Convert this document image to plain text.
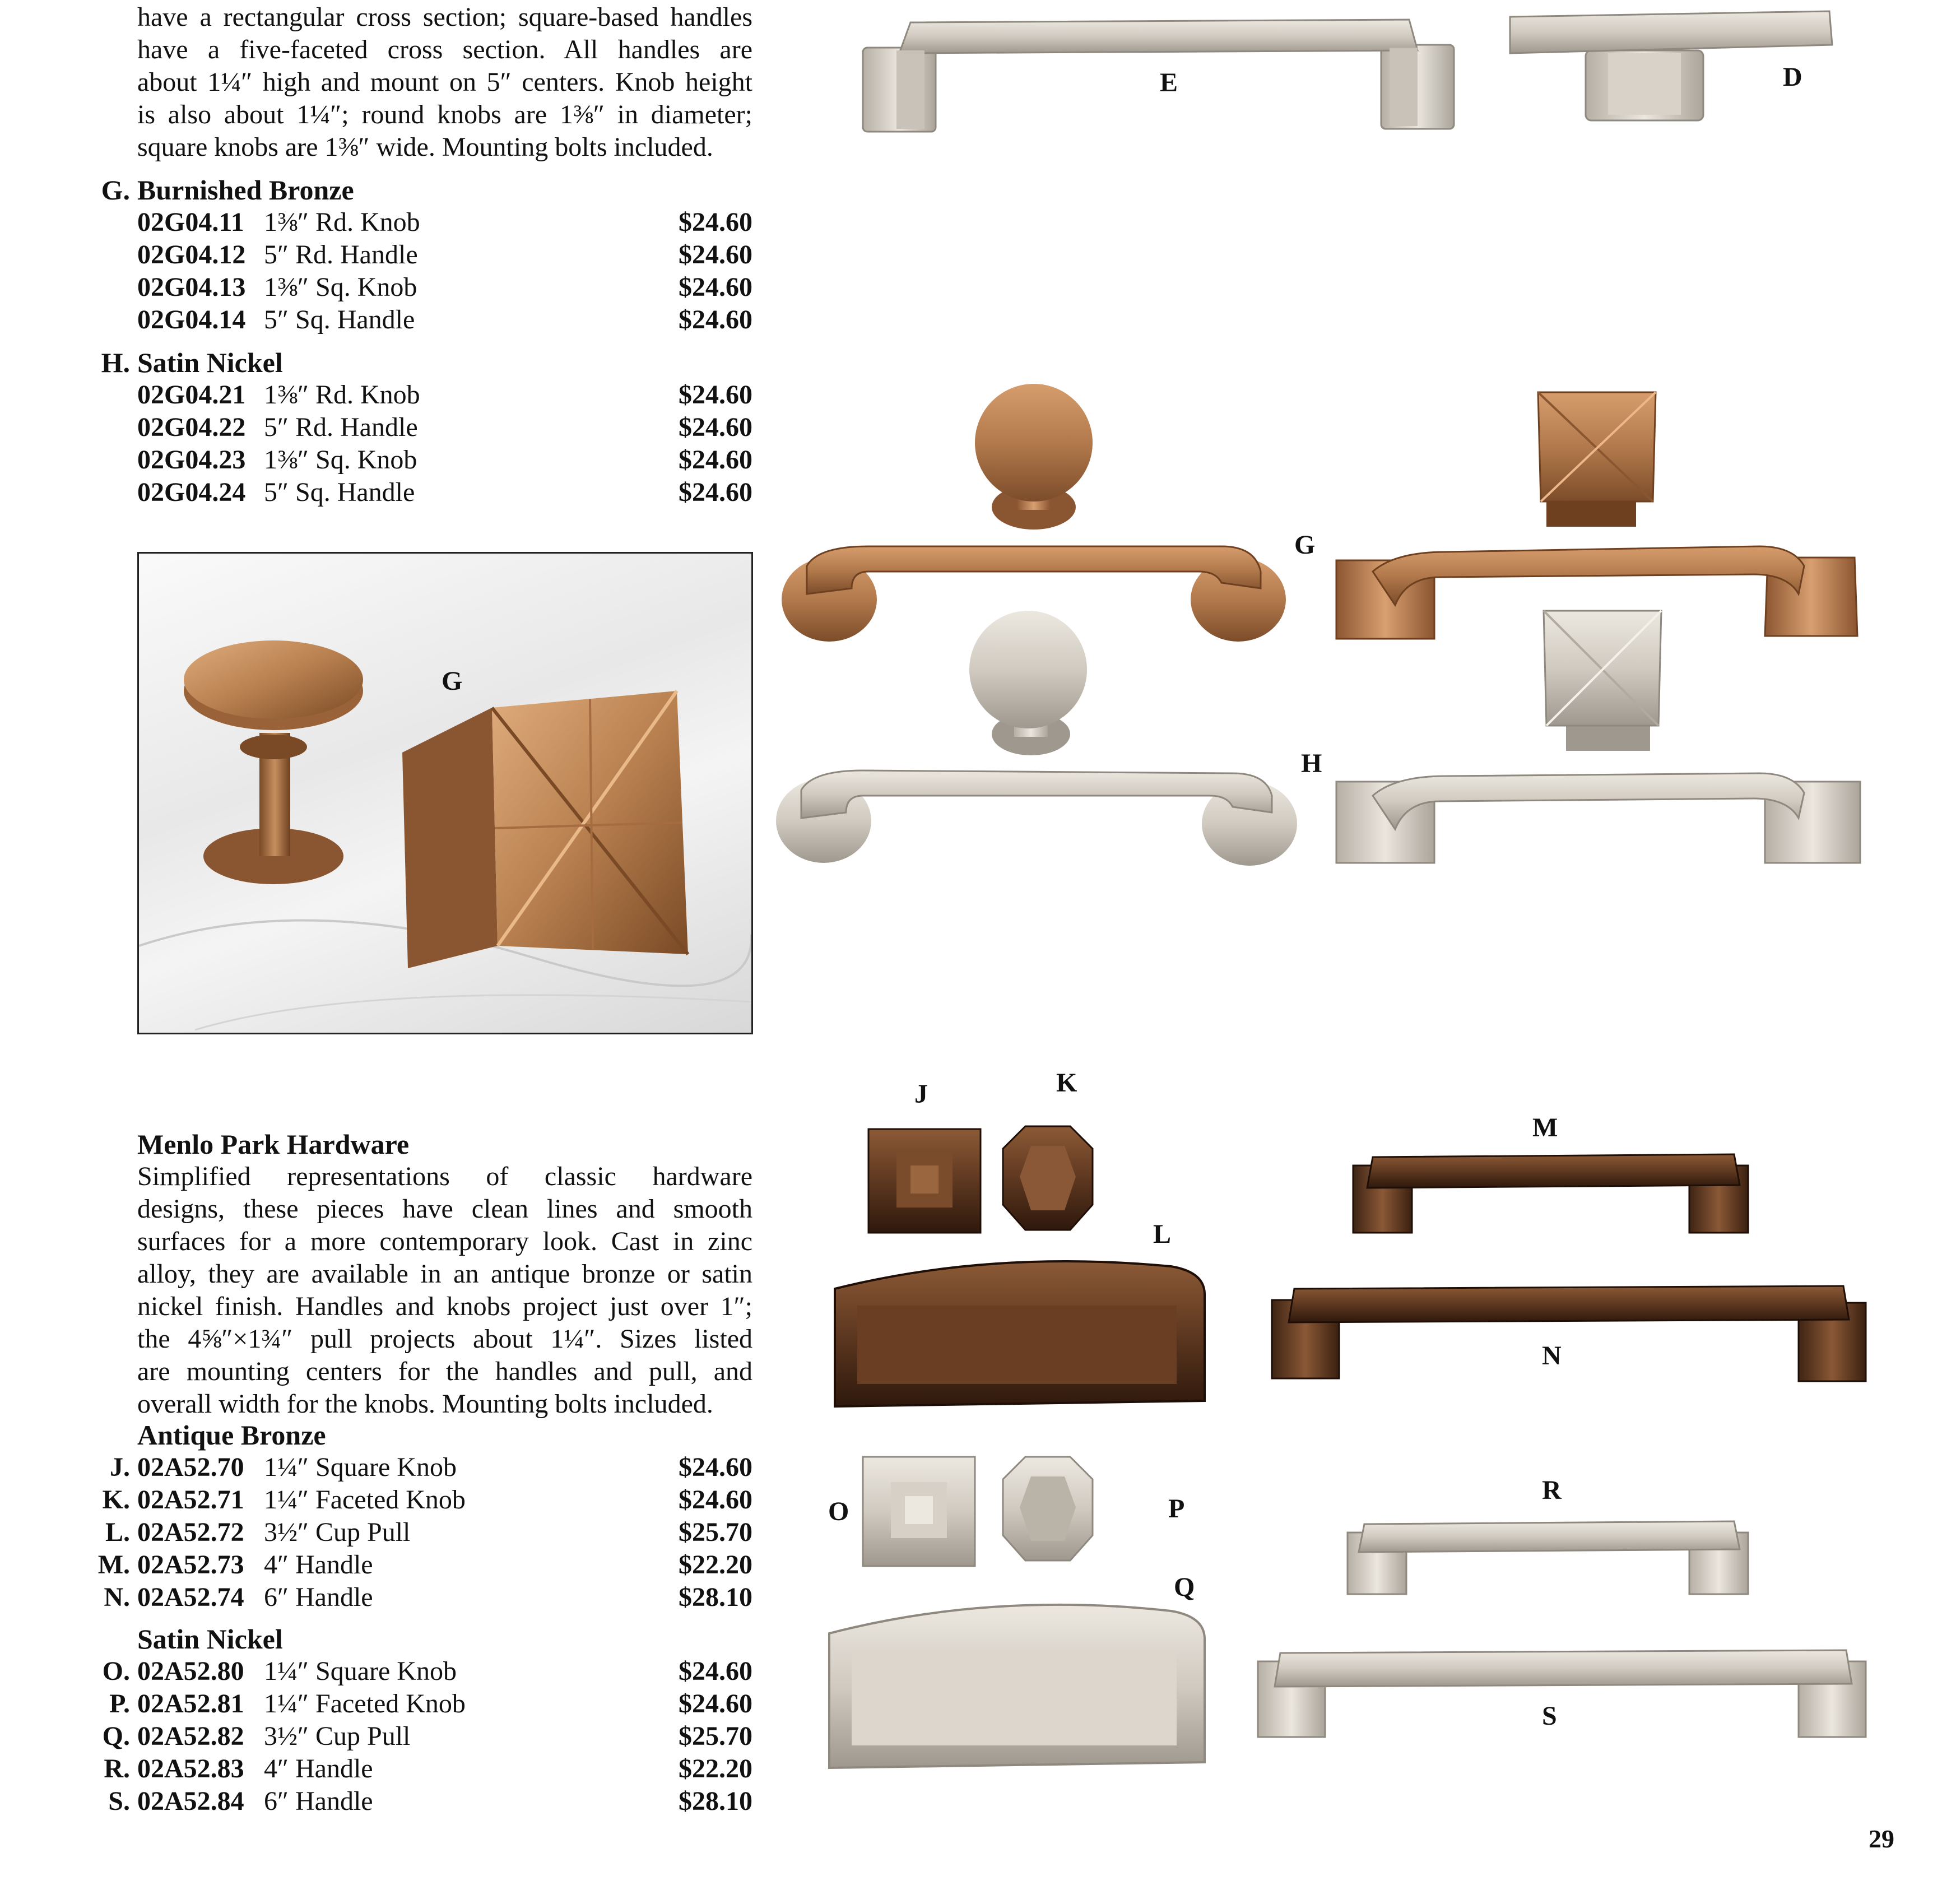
have a rectangular cross section; square-based handles
have a five-faceted cross section. All handles are
about 1¼″ high and mount on 5″ centers. Knob height
is also about 1¼″; round knobs are 1⅜″ in diameter;
square knobs are 1⅜″ wide. Mounting bolts included.
G. Burnished Bronze
02G04.11 1⅜″ Rd. Knob	$24.60
02G04.12 5″ Rd. Handle	$24.60
02G04.13 1⅜″ Sq. Knob	$24.60
02G04.14 5″ Sq. Handle	$24.60
H. Satin Nickel
02G04.21 1⅜″ Rd. Knob	$24.60
02G04.22 5″ Rd. Handle	$24.60
02G04.23 1⅜″ Sq. Knob	$24.60
02G04.24 5″ Sq. Handle	$24.60
G
Menlo Park Hardware
Simplified representations of classic hardware
designs, these pieces have clean lines and smooth
surfaces for a more contemporary look. Cast in zinc
alloy, they are available in an antique bronze or satin
nickel finish. Handles and knobs project just over 1″;
the 4⅝″×1¾″ pull projects about 1¼″. Sizes listed
are mounting centers for the handles and pull, and
overall width for the knobs. Mounting bolts included.
Antique Bronze
J. 02A52.70 1¼″ Square Knob	$24.60
K. 02A52.71 1¼″ Faceted Knob	$24.60
L. 02A52.72 3½″ Cup Pull	$25.70
M. 02A52.73 4″ Handle	$22.20
N. 02A52.74 6″ Handle	$28.10
Satin Nickel
O. 02A52.80 1¼″ Square Knob	$24.60
P. 02A52.81 1¼″ Faceted Knob	$24.60
Q. 02A52.82 3½″ Cup Pull	$25.70
R. 02A52.83 4″ Handle	$22.20
S. 02A52.84 6″ Handle	$28.10
E	D
G
H
J	K
L
M
N
O	P
Q
R
S
29
